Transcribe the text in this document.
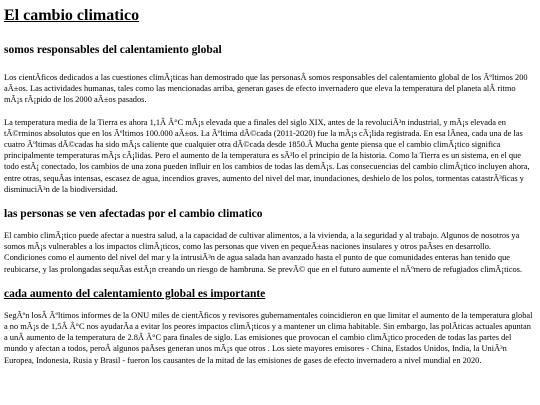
El cambio climatico
somos responsables del calentamiento global

Los cientÃficos dedicados a las cuestiones climÃ¡ticas han demostrado que las personasÂ somos responsables del calentamiento global de los Ãºltimos 200 aÃ±os. Las actividades humanas, tales como las mencionadas arriba, generan gases de efecto invernadero que eleva la temperatura del planeta alÂ ritmo mÃ¡s rÃ¡pido de los 2000 aÃ±os pasados.

La temperatura media de la Tierra es ahora 1,1Â Â°C mÃ¡s elevada que a finales del siglo XIX, antes de la revoluciÃ³n industrial, y mÃ¡s elevada en tÃ©rminos absolutos que en los Ãºltimos 100.000 aÃ±os. La Ãºltima dÃ©cada (2011-2020) fue la mÃ¡s cÃ¡lida registrada. En esa lÃnea, cada una de las cuatro Ãºltimas dÃ©cadas ha sido mÃ¡s caliente que cualquier otra dÃ©cada desde 1850.Â Mucha gente piensa que el cambio climÃ¡tico significa principalmente temperaturas mÃ¡s cÃ¡lidas. Pero el aumento de la temperatura es sÃ³lo el principio de la historia. Como la Tierra es un sistema, en el que todo estÃ¡ conectado, los cambios de una zona pueden influir en los cambios de todas las demÃ¡s. Las consecuencias del cambio climÃ¡tico incluyen ahora, entre otras, sequÃas intensas, escasez de agua, incendios graves, aumento del nivel del mar, inundaciones, deshielo de los polos, tormentas catastrÃ³ficas y disminuciÃ³n de la biodiversidad.

las personas se ven afectadas por el cambio climatico

El cambio climÃ¡tico puede afectar a nuestra salud, a la capacidad de cultivar alimentos, a la vivienda, a la seguridad y al trabajo. Algunos de nosotros ya somos mÃ¡s vulnerables a los impactos climÃ¡ticos, como las personas que viven en pequeÃ±as naciones insulares y otros paÃses en desarrollo. Condiciones como el aumento del nivel del mar y la intrusiÃ³n de agua salada han avanzado hasta el punto de que comunidades enteras han tenido que reubicarse, y las prolongadas sequÃas estÃ¡n creando un riesgo de hambruna. Se prevÃ© que en el futuro aumente el nÃºmero de refugiados climÃ¡ticos.

cada aumento del calentamiento global es importante

SegÃºn losÂ Ãºltimos informes de la ONU miles de cientÃficos y revisores gubernamentales coincidieron en que limitar el aumento de la temperatura global a no mÃ¡s de 1,5Â Â°C nos ayudarÃa a evitar los peores impactos climÃ¡ticos y a mantener un clima habitable. Sin embargo, las polÃticas actuales apuntan a unÂ aumento de la temperatura de 2.8Â Â°C para finales de siglo. Las emisiones que provocan el cambio climÃ¡tico proceden de todas las partes del mundo y afectan a todos, peroÂ algunos paÃses generan unos mÃ¡s que otros . Los siete mayores emisores - China, Estados Unidos, India, la UniÃ³n Europea, Indonesia, Rusia y Brasil - fueron los causantes de la mitad de las emisiones de gases de efecto invernadero a nivel mundial en 2020.
